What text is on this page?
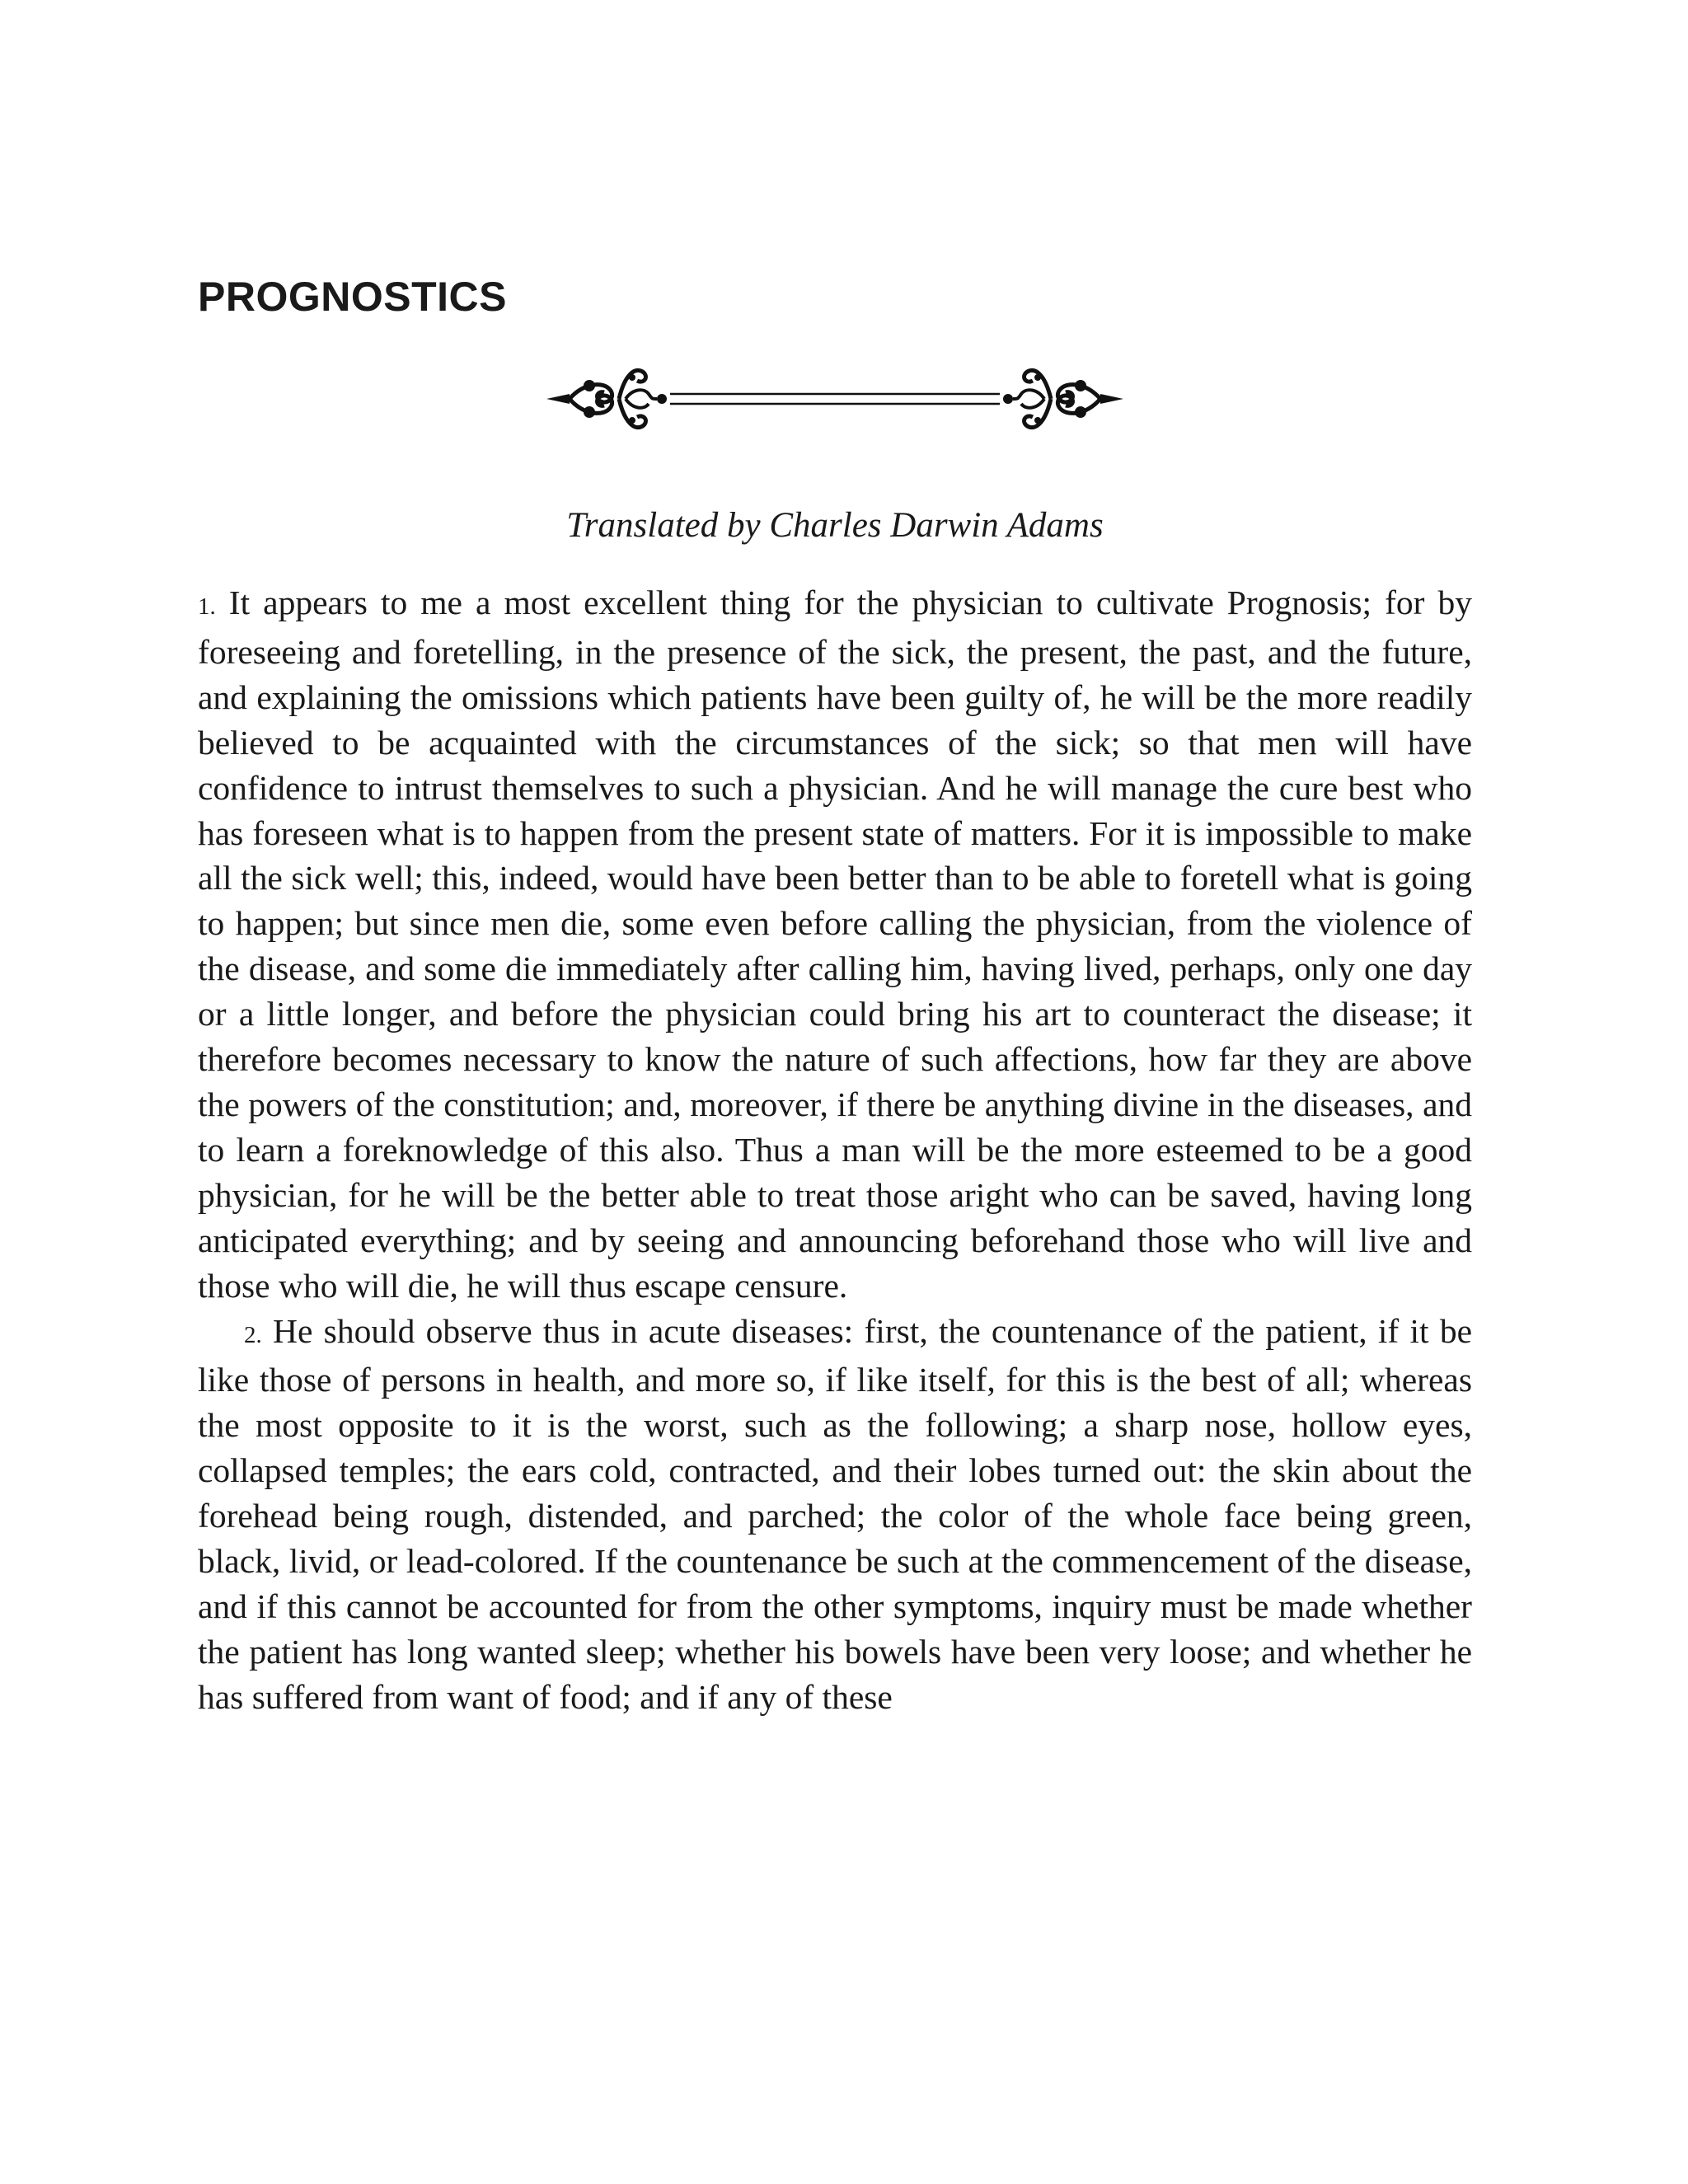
PROGNOSTICS

Translated by Charles Darwin Adams

1. It appears to me a most excellent thing for the physician to cultivate Prognosis; for by foreseeing and foretelling, in the presence of the sick, the present, the past, and the future, and explaining the omissions which patients have been guilty of, he will be the more readily believed to be acquainted with the circumstances of the sick; so that men will have confidence to intrust themselves to such a physician. And he will manage the cure best who has foreseen what is to happen from the present state of matters. For it is impossible to make all the sick well; this, indeed, would have been better than to be able to foretell what is going to happen; but since men die, some even before calling the physician, from the violence of the disease, and some die immediately after calling him, having lived, perhaps, only one day or a little longer, and before the physician could bring his art to counteract the disease; it therefore becomes necessary to know the nature of such affections, how far they are above the powers of the constitution; and, moreover, if there be anything divine in the diseases, and to learn a foreknowledge of this also. Thus a man will be the more esteemed to be a good physician, for he will be the better able to treat those aright who can be saved, having long anticipated everything; and by seeing and announcing beforehand those who will live and those who will die, he will thus escape censure.

2. He should observe thus in acute diseases: first, the countenance of the patient, if it be like those of persons in health, and more so, if like itself, for this is the best of all; whereas the most opposite to it is the worst, such as the following; a sharp nose, hollow eyes, collapsed temples; the ears cold, contracted, and their lobes turned out: the skin about the forehead being rough, distended, and parched; the color of the whole face being green, black, livid, or lead-colored. If the countenance be such at the commencement of the disease, and if this cannot be accounted for from the other symptoms, inquiry must be made whether the patient has long wanted sleep; whether his bowels have been very loose; and whether he has suffered from want of food; and if any of these
